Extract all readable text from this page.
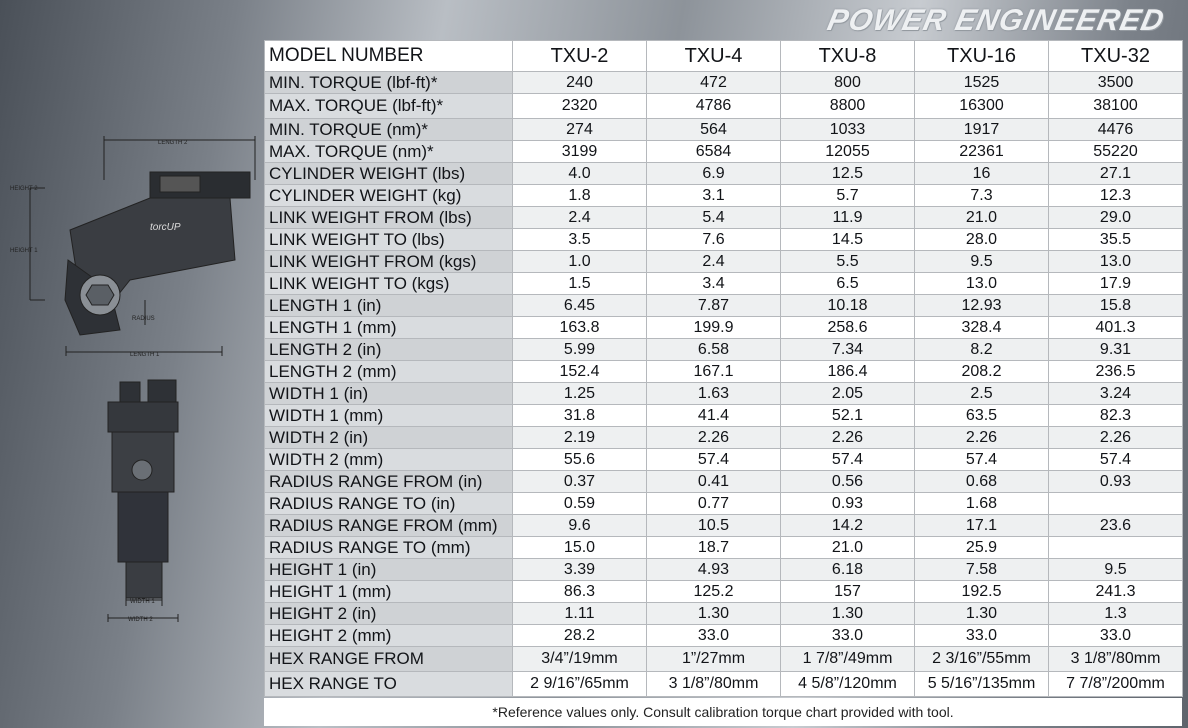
POWER ENGINEERED
LENGTH 2
HEIGHT 2
HEIGHT 1
RADIUS
LENGTH 1
torcUP
WIDTH 1
WIDTH 2
MODEL NUMBER	TXU-2	TXU-4	TXU-8	TXU-16	TXU-32
MIN. TORQUE (lbf-ft)*	240	472	800	1525	3500
MAX. TORQUE (lbf-ft)*	2320	4786	8800	16300	38100
MIN. TORQUE (nm)*	274	564	1033	1917	4476
MAX. TORQUE (nm)*	3199	6584	12055	22361	55220
CYLINDER WEIGHT (lbs)	4.0	6.9	12.5	16	27.1
CYLINDER WEIGHT (kg)	1.8	3.1	5.7	7.3	12.3
LINK WEIGHT FROM (lbs)	2.4	5.4	11.9	21.0	29.0
LINK WEIGHT TO (lbs)	3.5	7.6	14.5	28.0	35.5
LINK WEIGHT FROM (kgs)	1.0	2.4	5.5	9.5	13.0
LINK WEIGHT TO (kgs)	1.5	3.4	6.5	13.0	17.9
LENGTH 1 (in)	6.45	7.87	10.18	12.93	15.8
LENGTH 1 (mm)	163.8	199.9	258.6	328.4	401.3
LENGTH 2 (in)	5.99	6.58	7.34	8.2	9.31
LENGTH 2 (mm)	152.4	167.1	186.4	208.2	236.5
WIDTH 1 (in)	1.25	1.63	2.05	2.5	3.24
WIDTH 1 (mm)	31.8	41.4	52.1	63.5	82.3
WIDTH 2 (in)	2.19	2.26	2.26	2.26	2.26
WIDTH 2 (mm)	55.6	57.4	57.4	57.4	57.4
RADIUS RANGE FROM (in)	0.37	0.41	0.56	0.68	0.93
RADIUS RANGE TO (in)	0.59	0.77	0.93	1.68	
RADIUS RANGE FROM (mm)	9.6	10.5	14.2	17.1	23.6
RADIUS RANGE TO (mm)	15.0	18.7	21.0	25.9	
HEIGHT 1 (in)	3.39	4.93	6.18	7.58	9.5
HEIGHT 1 (mm)	86.3	125.2	157	192.5	241.3
HEIGHT 2 (in)	1.11	1.30	1.30	1.30	1.3
HEIGHT 2 (mm)	28.2	33.0	33.0	33.0	33.0
HEX RANGE FROM	3/4”/19mm	1”/27mm	1 7/8”/49mm	2 3/16”/55mm	3 1/8”/80mm
HEX RANGE TO	2 9/16”/65mm	3 1/8”/80mm	4 5/8”/120mm	5 5/16”/135mm	7 7/8”/200mm
*Reference values only. Consult calibration torque chart provided with tool.
